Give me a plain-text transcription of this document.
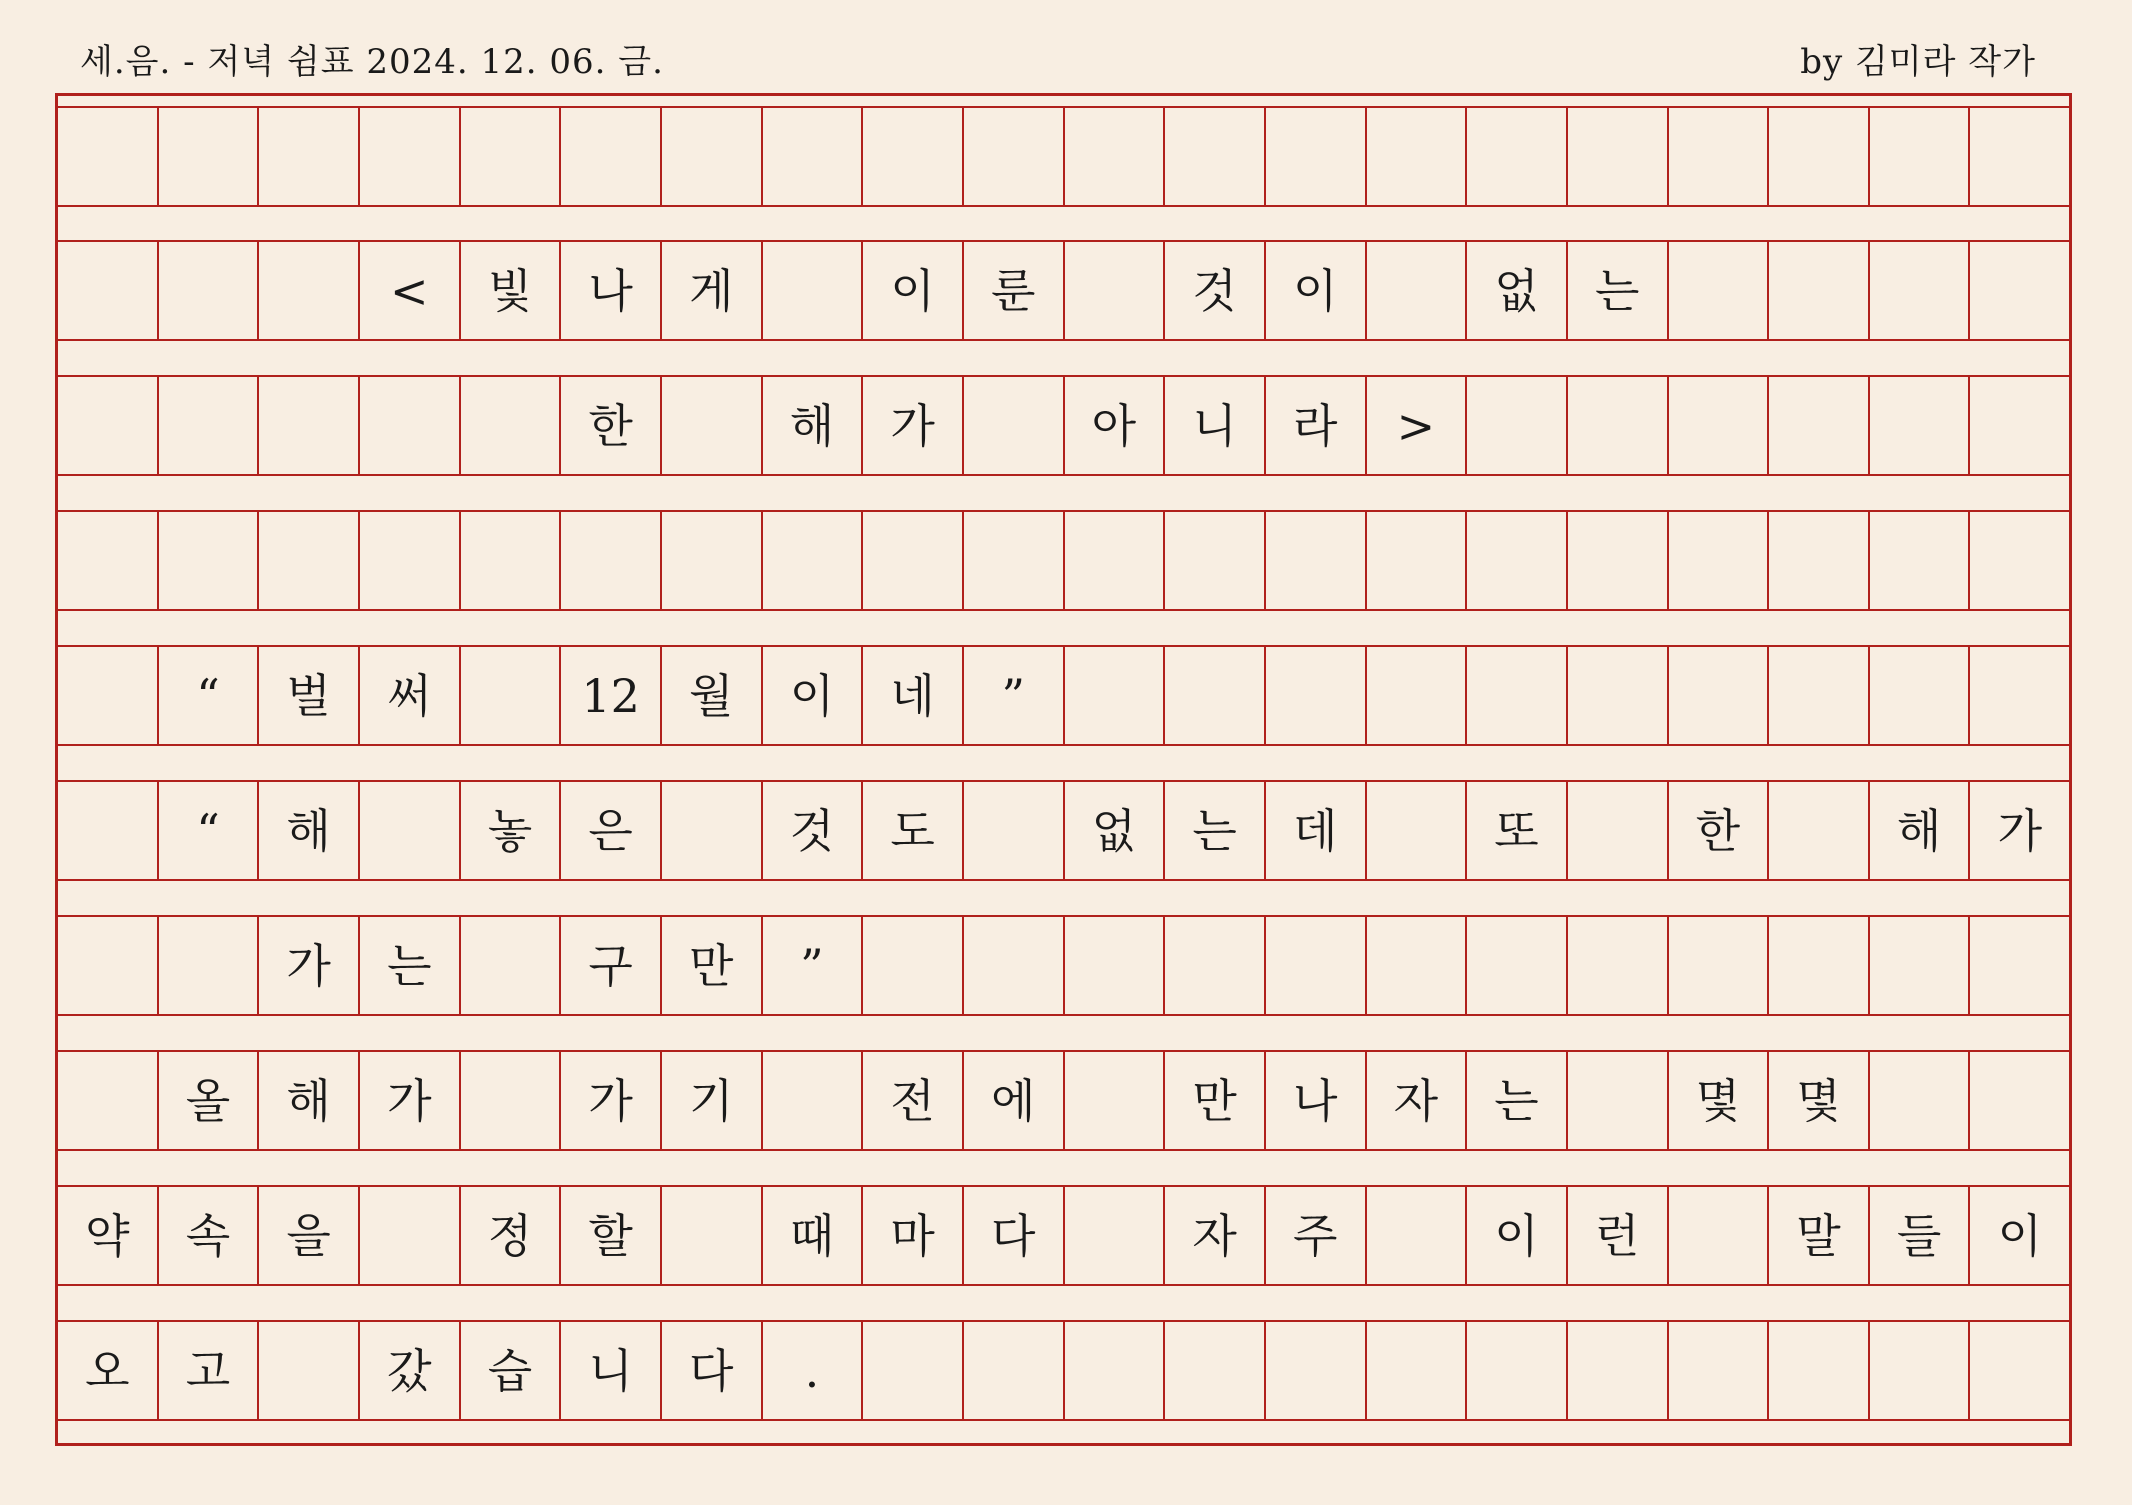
세.음. - 저녁 쉼표 2024. 12. 06. 금.	by 김미라 작가
<	빛	나	게	이	룬	것	이	없	는
한	해	가	아	니	라	>
“	벌	써	12	월	이	네	”
“	해	놓	은	것	도	없	는	데	또	한	해	가
가	는	구	만	”
올	해	가	가	기	전	에	만	나	자	는	몇	몇
약	속	을	정	할	때	마	다	자	주	이	런	말	들	이
오	고	갔	습	니	다	.
